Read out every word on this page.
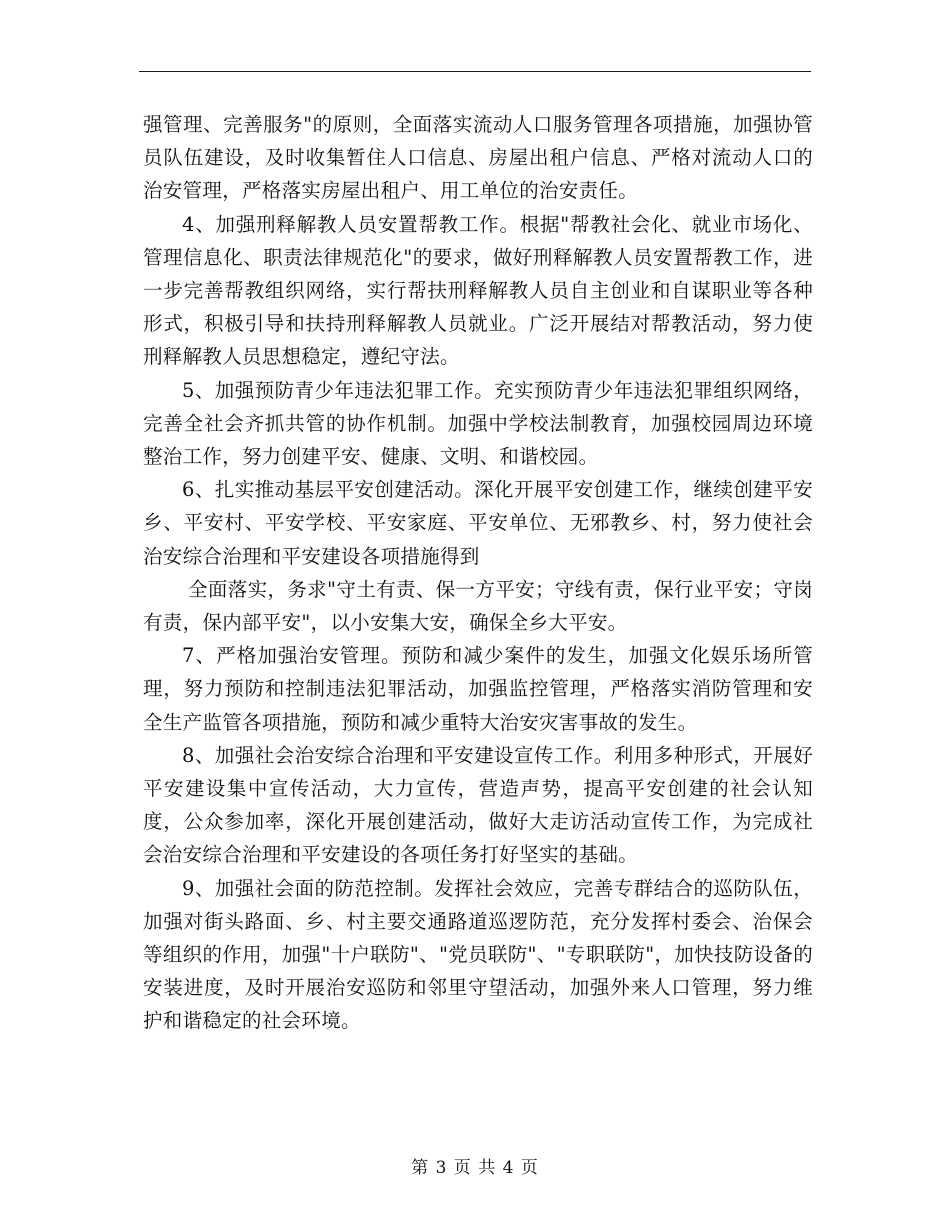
强管理、完善服务"的原则，全面落实流动人口服务管理各项措施，加强协管员队伍建设，及时收集暂住人口信息、房屋出租户信息、严格对流动人口的治安管理，严格落实房屋出租户、用工单位的治安责任。

4、加强刑释解教人员安置帮教工作。根据"帮教社会化、就业市场化、管理信息化、职责法律规范化"的要求，做好刑释解教人员安置帮教工作，进一步完善帮教组织网络，实行帮扶刑释解教人员自主创业和自谋职业等各种形式，积极引导和扶持刑释解教人员就业。广泛开展结对帮教活动，努力使刑释解教人员思想稳定，遵纪守法。

5、加强预防青少年违法犯罪工作。充实预防青少年违法犯罪组织网络，完善全社会齐抓共管的协作机制。加强中学校法制教育，加强校园周边环境整治工作，努力创建平安、健康、文明、和谐校园。

6、扎实推动基层平安创建活动。深化开展平安创建工作，继续创建平安乡、平安村、平安学校、平安家庭、平安单位、无邪教乡、村，努力使社会治安综合治理和平安建设各项措施得到

全面落实，务求"守土有责、保一方平安；守线有责，保行业平安；守岗有责，保内部平安"，以小安集大安，确保全乡大平安。

7、严格加强治安管理。预防和减少案件的发生，加强文化娱乐场所管理，努力预防和控制违法犯罪活动，加强监控管理，严格落实消防管理和安全生产监管各项措施，预防和减少重特大治安灾害事故的发生。

8、加强社会治安综合治理和平安建设宣传工作。利用多种形式，开展好平安建设集中宣传活动，大力宣传，营造声势，提高平安创建的社会认知度，公众参加率，深化开展创建活动，做好大走访活动宣传工作，为完成社会治安综合治理和平安建设的各项任务打好坚实的基础。

9、加强社会面的防范控制。发挥社会效应，完善专群结合的巡防队伍，加强对街头路面、乡、村主要交通路道巡逻防范，充分发挥村委会、治保会等组织的作用，加强"十户联防"、"党员联防"、"专职联防"，加快技防设备的安装进度，及时开展治安巡防和邻里守望活动，加强外来人口管理，努力维护和谐稳定的社会环境。

第 3 页 共 4 页
